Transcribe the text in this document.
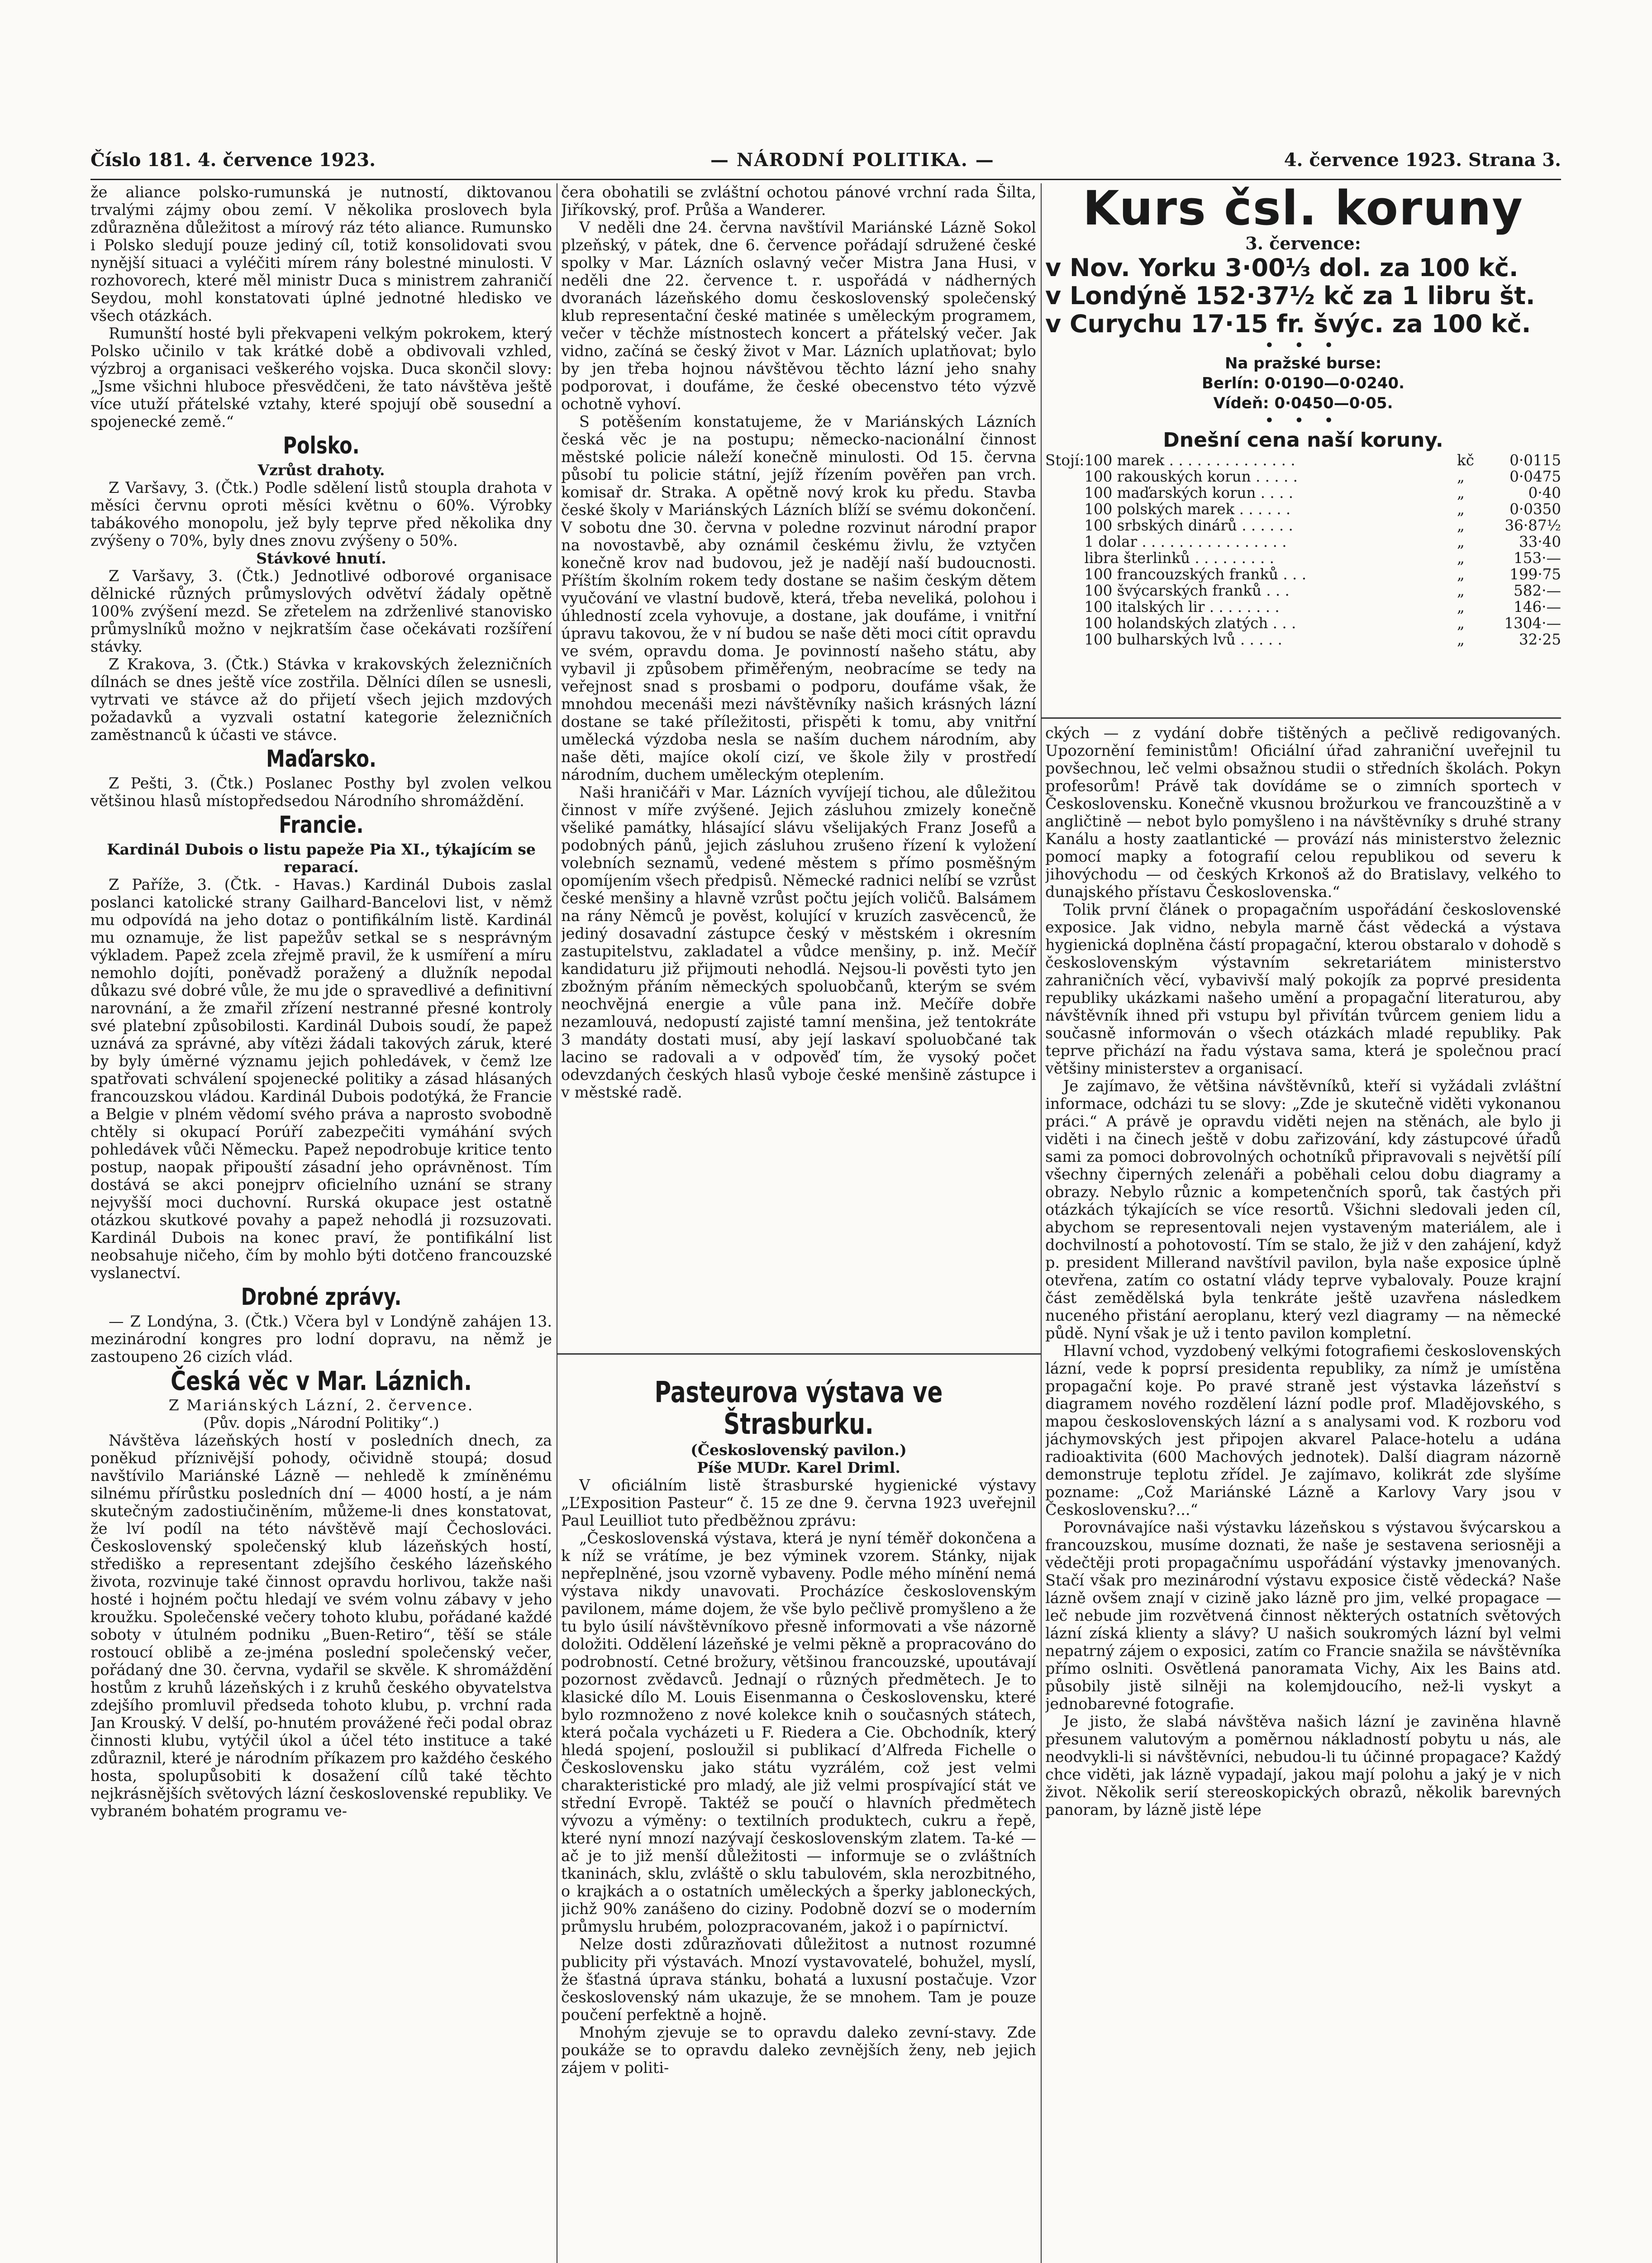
Číslo 181. 4. července 1923.	— NÁRODNÍ POLITIKA. —	4. července 1923. Strana 3.

že aliance polsko-rumunská je nutností, diktovanou trvalými zájmy obou zemí. V několika proslovech byla zdůrazněna důležitost a mírový ráz této aliance. Rumunsko i Polsko sledují pouze jediný cíl, totiž konsolidovati svou nynější situaci a vyléčiti mírem rány bolestné minulosti. V rozhovorech, které měl ministr Duca s ministrem zahraničí Seydou, mohl konstatovati úplné jednotné hledisko ve všech otázkách.

Rumunští hosté byli překvapeni velkým pokrokem, který Polsko učinilo v tak krátké době a obdivovali vzhled, výzbroj a organisaci veškerého vojska. Duca skončil slovy: „Jsme všichni hluboce přesvědčeni, že tato návštěva ještě více utuží přátelské vztahy, které spojují obě sousední a spojenecké země.“

Polsko.
Vzrůst drahoty.

Z Varšavy, 3. (Čtk.) Podle sdělení listů stoupla drahota v měsíci červnu oproti měsíci květnu o 60%. Výrobky tabákového monopolu, jež byly teprve před několika dny zvýšeny o 70%, byly dnes znovu zvýšeny o 50%.

Stávkové hnutí.

Z Varšavy, 3. (Čtk.) Jednotlivé odborové organisace dělnické různých průmyslových odvětví žádaly opětně 100% zvýšení mezd. Se zřetelem na zdrženlivé stanovisko průmyslníků možno v nejkratším čase očekávati rozšíření stávky.

Z Krakova, 3. (Čtk.) Stávka v krakovských železničních dílnách se dnes ještě více zostřila. Dělníci dílen se usnesli, vytrvati ve stávce až do přijetí všech jejich mzdových požadavků a vyzvali ostatní kategorie železničních zaměstnanců k účasti ve stávce.

Maďarsko.

Z Pešti, 3. (Čtk.) Poslanec Posthy byl zvolen velkou většinou hlasů místopředsedou Národního shromáždění.

Francie.
Kardinál Dubois o listu papeže Pia XI., týkajícím se reparací.

Z Paříže, 3. (Čtk. - Havas.) Kardinál Dubois zaslal poslanci katolické strany Gailhard-Bancelovi list, v němž mu odpovídá na jeho dotaz o pontifikálním listě. Kardinál mu oznamuje, že list papežův setkal se s nesprávným výkladem. Papež zcela zřejmě pravil, že k usmíření a míru nemohlo dojíti, poněvadž poražený a dlužník nepodal důkazu své dobré vůle, že mu jde o spravedlivé a definitivní narovnání, a že zmařil zřízení nestranné přesné kontroly své platební způsobilosti. Kardinál Dubois soudí, že papež uznává za správné, aby vítězi žádali takových záruk, které by byly úměrné významu jejich pohledávek, v čemž lze spatřovati schválení spojenecké politiky a zásad hlásaných francouzskou vládou. Kardinál Dubois podotýká, že Francie a Belgie v plném vědomí svého práva a naprosto svobodně chtěly si okupací Porúří zabezpečiti vymáhání svých pohledávek vůči Německu. Papež nepodrobuje kritice tento postup, naopak připouští zásadní jeho oprávněnost. Tím dostává se akci ponejprv oficielního uznání se strany nejvyšší moci duchovní. Rurská okupace jest ostatně otázkou skutkové povahy a papež nehodlá ji rozsuzovati. Kardinál Dubois na konec praví, že pontifikální list neobsahuje ničeho, čím by mohlo býti dotčeno francouzské vyslanectví.

Drobné zprávy.

— Z Londýna, 3. (Čtk.) Včera byl v Londýně zahájen 13. mezinárodní kongres pro lodní dopravu, na němž je zastoupeno 26 cizích vlád.

Česká věc v Mar. Láznich.
Z Mariánských Lázní, 2. července.
(Pův. dopis „Národní Politiky“.)

Návštěva lázeňských hostí v posledních dnech, za poněkud příznivější pohody, očividně stoupá; dosud navštívilo Mariánské Lázně — nehledě k zmíněnému silnému přírůstku posledních dní — 4000 hostí, a je nám skutečným zadostiučiněním, můžeme-li dnes konstatovat, že lví podíl na této návštěvě mají Čechoslováci. Československý společenský klub lázeňských hostí, střediško a representant zdejšího českého lázeňského života, rozvinuje také činnost opravdu horlivou, takže naši hosté i hojném počtu hledají ve svém volnu zábavy v jeho kroužku. Společenské večery tohoto klubu, pořádané každé soboty v útulném podniku „Buen-Retiro“, těší se stále rostoucí oblibě a ze-jména poslední společenský večer, pořádaný dne 30. června, vydařil se skvěle. K shromáždění hostům z kruhů lázeňských i z kruhů českého obyvatelstva zdejšího promluvil předseda tohoto klubu, p. vrchní rada Jan Krouský. V delší, po-hnutém provážené řeči podal obraz činnosti klubu, vytýčil úkol a účel této instituce a také zdůraznil, které je národním příkazem pro každého českého hosta, spolupůsobiti k dosažení cílů také těchto nejkrásnějších světových lázní československé republiky. Ve vybraném bohatém programu ve-

čera obohatili se zvláštní ochotou pánové vrchní rada Šilta, Jiříkovský, prof. Průša a Wanderer.

V neděli dne 24. června navštívil Mariánské Lázně Sokol plzeňský, v pátek, dne 6. července pořádají sdružené české spolky v Mar. Lázních oslavný večer Mistra Jana Husi, v neděli dne 22. července t. r. uspořádá v nádherných dvoranách lázeňského domu československý společenský klub representační české matinée s uměleckým programem, večer v těchže místnostech koncert a přátelský večer. Jak vidno, začíná se český život v Mar. Lázních uplatňovat; bylo by jen třeba hojnou návštěvou těchto lázní jeho snahy podporovat, i doufáme, že české obecenstvo této výzvě ochotně vyhoví.

S potěšením konstatujeme, že v Mariánských Lázních česká věc je na postupu; německo-nacionální činnost městské policie náleží konečně minulosti. Od 15. června působí tu policie státní, jejíž řízením pověřen pan vrch. komisař dr. Straka. A opětně nový krok ku předu. Stavba české školy v Mariánských Lázních blíží se svému dokončení. V sobotu dne 30. června v poledne rozvinut národní prapor na novostavbě, aby oznámil českému živlu, že vztyčen konečně krov nad budovou, jež je nadějí naší budoucnosti. Příštím školním rokem tedy dostane se našim českým dětem vyučování ve vlastní budově, která, třeba neveliká, polohou i úhledností zcela vyhovuje, a dostane, jak doufáme, i vnitřní úpravu takovou, že v ní budou se naše děti moci cítit opravdu ve svém, opravdu doma. Je povinností našeho státu, aby vybavil ji způsobem přiměřeným, neobracíme se tedy na veřejnost snad s prosbami o podporu, doufáme však, že mnohdou mecenáši mezi návštěvníky našich krásných lázní dostane se také příležitosti, přispěti k tomu, aby vnitřní umělecká výzdoba nesla se naším duchem národním, aby naše děti, majíce okolí cizí, ve škole žily v prostředí národním, duchem uměleckým oteplením.

Naši hraničáři v Mar. Lázních vyvíjejí tichou, ale důležitou činnost v míře zvýšené. Jejich zásluhou zmizely konečně všeliké památky, hlásající slávu všelijakých Franz Josefů a podobných pánů, jejich zásluhou zrušeno řízení k vyložení volebních seznamů, vedené městem s přímo posměšným opomíjením všech předpisů. Německé radnici nelíbí se vzrůst české menšiny a hlavně vzrůst počtu jejích voličů. Balsámem na rány Němců je pověst, kolující v kruzích zasvěcenců, že jediný dosavadní zástupce český v městském i okresním zastupitelstvu, zakladatel a vůdce menšiny, p. inž. Mečíř kandidaturu již přijmouti nehodlá. Nejsou-li pověsti tyto jen zbožným přáním německých spoluobčanů, kterým se svém neochvějná energie a vůle pana inž. Mečíře dobře nezamlouvá, nedopustí zajisté tamní menšina, jež tentokráte 3 mandáty dostati musí, aby její laskaví spoluobčané tak lacino se radovali a v odpověď tím, že vysoký počet odevzdaných českých hlasů vyboje české menšině zástupce i v městské radě.

Pasteurova výstava ve Štrasburku.
(Československý pavilon.)
Píše MUDr. Karel Driml.

V oficiálním listě štrasburské hygienické výstavy „L’Exposition Pasteur“ č. 15 ze dne 9. června 1923 uveřejnil Paul Leuilliot tuto předběžnou zprávu:

„Československá výstava, která je nyní téměř dokončena a k níž se vrátíme, je bez výminek vzorem. Stánky, nijak nepřeplněné, jsou vzorně vybaveny. Podle mého mínění nemá výstava nikdy unavovati. Procházíce československým pavilonem, máme dojem, že vše bylo pečlivě promyšleno a že tu bylo úsilí návštěvníkovo přesně informovati a vše názorně doložiti. Oddělení lázeňské je velmi pěkně a propracováno do podrobností. Cetné brožury, většinou francouzské, upoutávají pozornost zvědavců. Jednají o různých předmětech. Je to klasické dílo M. Louis Eisenmanna o Československu, které bylo rozmnoženo z nové kolekce knih o současných státech, která počala vycházeti u F. Riedera a Cie. Obchodník, který hledá spojení, posloužil si publikací d’Alfreda Fichelle o Československu jako státu vyzrálém, což jest velmi charakteristické pro mladý, ale již velmi prospívající stát ve střední Evropě. Taktéž se poučí o hlavních předmětech vývozu a výměny: o textilních produktech, cukru a řepě, které nyní mnozí nazývají československým zlatem. Ta-ké — ač je to již menší důležitosti — informuje se o zvláštních tkaninách, sklu, zvláště o sklu tabulovém, skla nerozbitného, o krajkách a o ostatních uměleckých a šperky jabloneckých, jichž 90% zanášeno do ciziny. Podobně dozví se o moderním průmyslu hrubém, polozpracovaném, jakož i o papírnictví.

Nelze dosti zdůrazňovati důležitost a nutnost rozumné publicity při výstavách. Mnozí vystavovatelé, bohužel, myslí, že šťastná úprava stánku, bohatá a luxusní postačuje. Vzor československý nám ukazuje, že se mnohem. Tam je pouze poučení perfektně a hojně.

Mnohým zjevuje se to opravdu daleko zevní-stavy. Zde poukáže se to opravdu daleko zevnějších ženy, neb jejich zájem v politi-

Kurs čsl. koruny
3. července:
v Nov. Yorku 3·00⅓ dol. za 100 kč.
v Londýně 152·37½ kč za 1 libru št.
v Curychu 17·15 fr. švýc. za 100 kč.
• • •
Na pražské burse:
Berlín: 0·0190—0·0240.
Vídeň: 0·0450—0·05.
• • •
Dnešní cena naší koruny.
Stojí:	100 marek . . . . . . . . . . . . . .	kč	0·0115
	100 rakouských korun . . . . .	„	0·0475
	100 maďarských korun . . . .	„	0·40
	100 polských marek . . . . . .	„	0·0350
	100 srbských dinárů . . . . . .	„	36·87½
	1 dolar . . . . . . . . . . . . . . . .	„	33·40
	libra šterlinků . . . . . . . . .	„	153·—
	100 francouzských franků . . .	„	199·75
	100 švýcarských franků . . .	„	582·—
	100 italských lir . . . . . . . .	„	146·—
	100 holandských zlatých . . .	„	1304·—
	100 bulharských lvů . . . . .	„	32·25

ckých — z vydání dobře tištěných a pečlivě redigovaných. Upozornění feministům! Oficiální úřad zahraniční uveřejnil tu povšechnou, leč velmi obsažnou studii o středních školách. Pokyn profesorům! Právě tak dovídáme se o zimních sportech v Československu. Konečně vkusnou brožurkou ve francouzštině a v angličtině — nebot bylo pomyšleno i na návštěvníky s druhé strany Kanálu a hosty zaatlantické — provází nás ministerstvo železnic pomocí mapky a fotografií celou republikou od severu k jihovýchodu — od českých Krkonoš až do Bratislavy, velkého to dunajského přístavu Československa.“

Tolik první článek o propagačním uspořádání československé exposice. Jak vidno, nebyla marně část vědecká a výstava hygienická doplněna částí propagační, kterou obstaralo v dohodě s československým výstavním sekretariátem ministerstvo zahraničních věcí, vybavivší malý pokojík za poprvé presidenta republiky ukázkami našeho umění a propagační literaturou, aby návštěvník ihned při vstupu byl přivítán tvůrcem geniem lidu a současně informován o všech otázkách mladé republiky. Pak teprve přichází na řadu výstava sama, která je společnou prací většiny ministerstev a organisací.

Je zajímavo, že většina návštěvníků, kteří si vyžádali zvláštní informace, odcházi tu se slovy: „Zde je skutečně viděti vykonanou práci.“ A právě je opravdu viděti nejen na stěnách, ale bylo ji viděti i na činech ještě v dobu zařizování, kdy zástupcové úřadů sami za pomoci dobrovolných ochotníků připravovali s největší pílí všechny čiperných zelenáři a poběhali celou dobu diagramy a obrazy. Nebylo různic a kompetenčních sporů, tak častých při otázkách týkajících se více resortů. Všichni sledovali jeden cíl, abychom se representovali nejen vystaveným materiálem, ale i dochvilností a pohotovostí. Tím se stalo, že již v den zahájení, když p. president Millerand navštívil pavilon, byla naše exposice úplně otevřena, zatím co ostatní vlády teprve vybalovaly. Pouze krajní část zemědělská byla tenkráte ještě uzavřena následkem nuceného přistání aeroplanu, který vezl diagramy — na německé půdě. Nyní však je už i tento pavilon kompletní.

Hlavní vchod, vyzdobený velkými fotografiemi československých lázní, vede k poprsí presidenta republiky, za nímž je umístěna propagační koje. Po pravé straně jest výstavka lázeňství s diagramem nového rozdělení lázní podle prof. Mladějovského, s mapou československých lázní a s analysami vod. K rozboru vod jáchymovských jest připojen akvarel Palace-hotelu a udána radioaktivita (600 Machových jednotek). Další diagram názorně demonstruje teplotu zřídel. Je zajímavo, kolikrát zde slyšíme pozname: „Což Mariánské Lázně a Karlovy Vary jsou v Československu?...“

Porovnávajíce naši výstavku lázeňskou s výstavou švýcarskou a francouzskou, musíme doznati, že naše je sestavena seriosněji a vědečtěji proti propagačnímu uspořádání výstavky jmenovaných. Stačí však pro mezinárodní výstavu exposice čistě vědecká? Naše lázně ovšem znají v cizině jako lázně pro jim, velké propagace — leč nebude jim rozvětvená činnost některých ostatních světových lázní získá klienty a slávy? U našich soukromých lázní byl velmi nepatrný zájem o exposici, zatím co Francie snažila se návštěvníka přímo oslniti. Osvětlená panoramata Vichy, Aix les Bains atd. působily jistě silněji na kolemjdoucího, než-li vyskyt a jednobarevné fotografie.

Je jisto, že slabá návštěva našich lázní je zaviněna hlavně přesunem valutovým a poměrnou nákladností pobytu u nás, ale neodvykli-li si návštěvníci, nebudou-li tu účinné propagace? Každý chce viděti, jak lázně vypadají, jakou mají polohu a jaký je v nich život. Několik serií stereoskopických obrazů, několik barevných panoram, by lázně jistě lépe
